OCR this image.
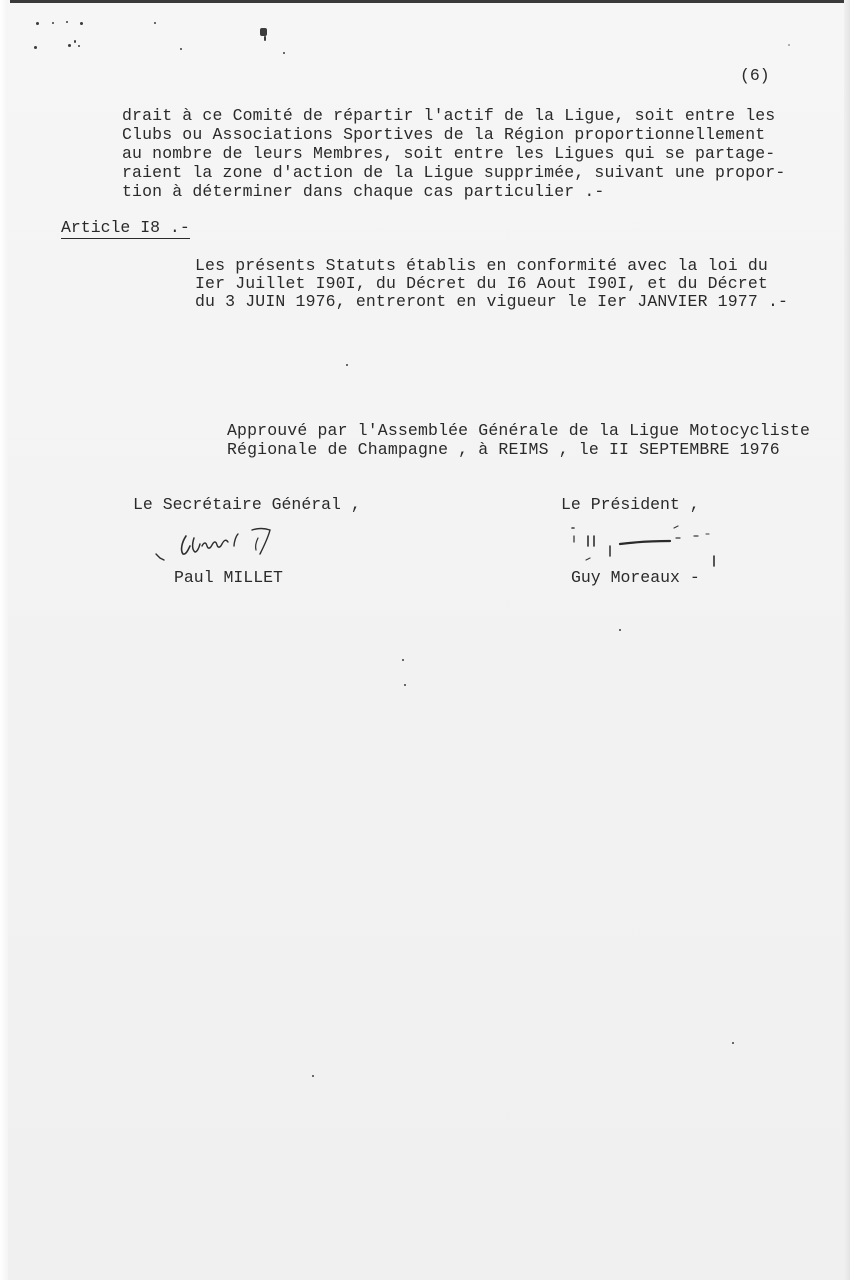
(6)
drait à ce Comité de répartir l'actif de la Ligue, soit entre les
Clubs ou Associations Sportives de la Région proportionnellement
au nombre de leurs Membres, soit entre les Ligues qui se partage-
raient la zone d'action de la Ligue supprimée, suivant une propor-
tion à déterminer dans chaque cas particulier .-
Article I8 .-
Les présents Statuts établis en conformité avec la loi du
Ier Juillet I90I, du Décret du I6 Aout I90I, et du Décret
du 3 JUIN 1976, entreront en vigueur le Ier JANVIER 1977 .-
Approuvé par l'Assemblée Générale de la Ligue Motocycliste
Régionale de Champagne , à REIMS , le II SEPTEMBRE 1976
Le Secrétaire Général ,
Paul MILLET
Le Président ,
Guy Moreaux -
